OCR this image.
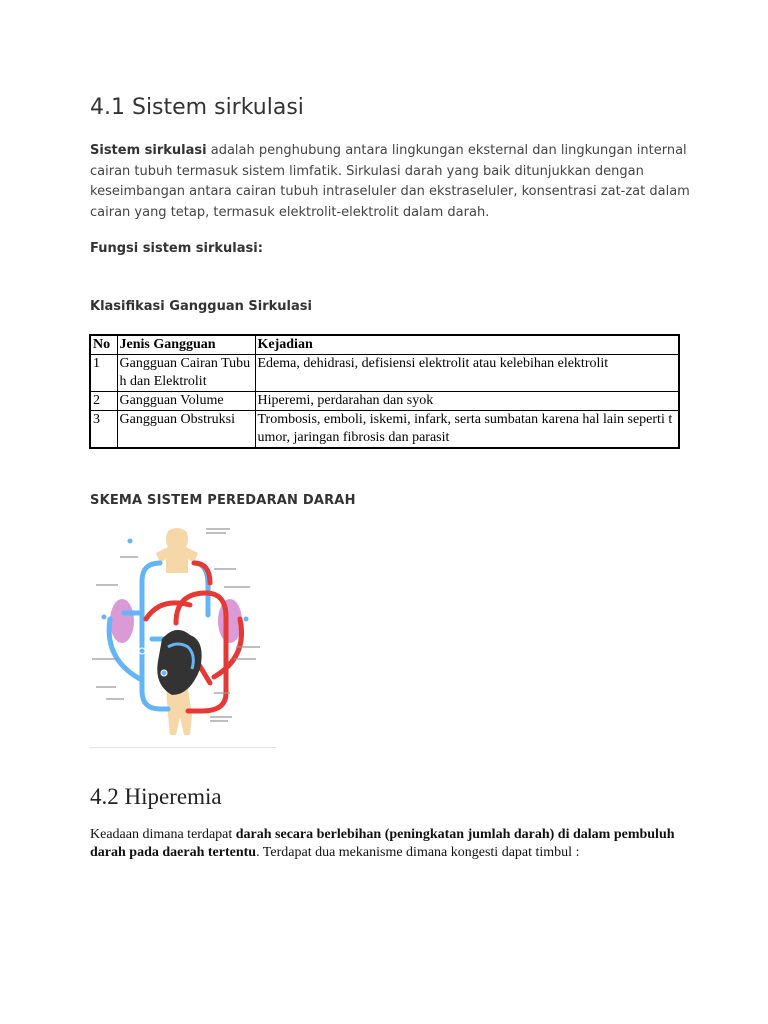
4.1 Sistem sirkulasi

Sistem sirkulasi adalah penghubung antara lingkungan eksternal dan lingkungan internal cairan tubuh termasuk sistem limfatik. Sirkulasi darah yang baik ditunjukkan dengan keseimbangan antara cairan tubuh intraseluler dan ekstraseluler, konsentrasi zat-zat dalam cairan yang tetap, termasuk elektrolit-elektrolit dalam darah.

Fungsi sistem sirkulasi:

Klasifikasi Gangguan Sirkulasi

No	Jenis Gangguan	Kejadian
1	Gangguan Cairan Tubuh dan Elektrolit	Edema, dehidrasi, defisiensi elektrolit atau kelebihan elektrolit
2	Gangguan Volume	Hiperemi, perdarahan dan syok
3	Gangguan Obstruksi	Trombosis, emboli, iskemi, infark, serta sumbatan karena hal lain seperti tumor, jaringan fibrosis dan parasit

SKEMA SISTEM PEREDARAN DARAH

4.2 Hiperemia

Keadaan dimana terdapat darah secara berlebihan (peningkatan jumlah darah) di dalam pembuluh darah pada daerah tertentu. Terdapat dua mekanisme dimana kongesti dapat timbul :
